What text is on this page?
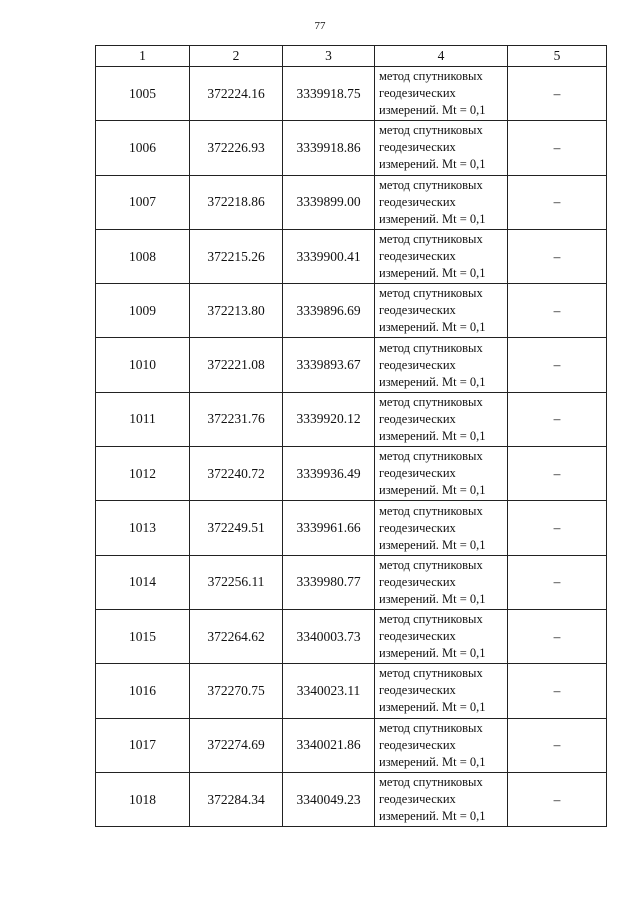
77
1	2	3	4	5
1005	372224.16	3339918.75	метод спутниковых
геодезических
измерений. Mt = 0,1	–
1006	372226.93	3339918.86	метод спутниковых
геодезических
измерений. Mt = 0,1	–
1007	372218.86	3339899.00	метод спутниковых
геодезических
измерений. Mt = 0,1	–
1008	372215.26	3339900.41	метод спутниковых
геодезических
измерений. Mt = 0,1	–
1009	372213.80	3339896.69	метод спутниковых
геодезических
измерений. Mt = 0,1	–
1010	372221.08	3339893.67	метод спутниковых
геодезических
измерений. Mt = 0,1	–
1011	372231.76	3339920.12	метод спутниковых
геодезических
измерений. Mt = 0,1	–
1012	372240.72	3339936.49	метод спутниковых
геодезических
измерений. Mt = 0,1	–
1013	372249.51	3339961.66	метод спутниковых
геодезических
измерений. Mt = 0,1	–
1014	372256.11	3339980.77	метод спутниковых
геодезических
измерений. Mt = 0,1	–
1015	372264.62	3340003.73	метод спутниковых
геодезических
измерений. Mt = 0,1	–
1016	372270.75	3340023.11	метод спутниковых
геодезических
измерений. Mt = 0,1	–
1017	372274.69	3340021.86	метод спутниковых
геодезических
измерений. Mt = 0,1	–
1018	372284.34	3340049.23	метод спутниковых
геодезических
измерений. Mt = 0,1	–
